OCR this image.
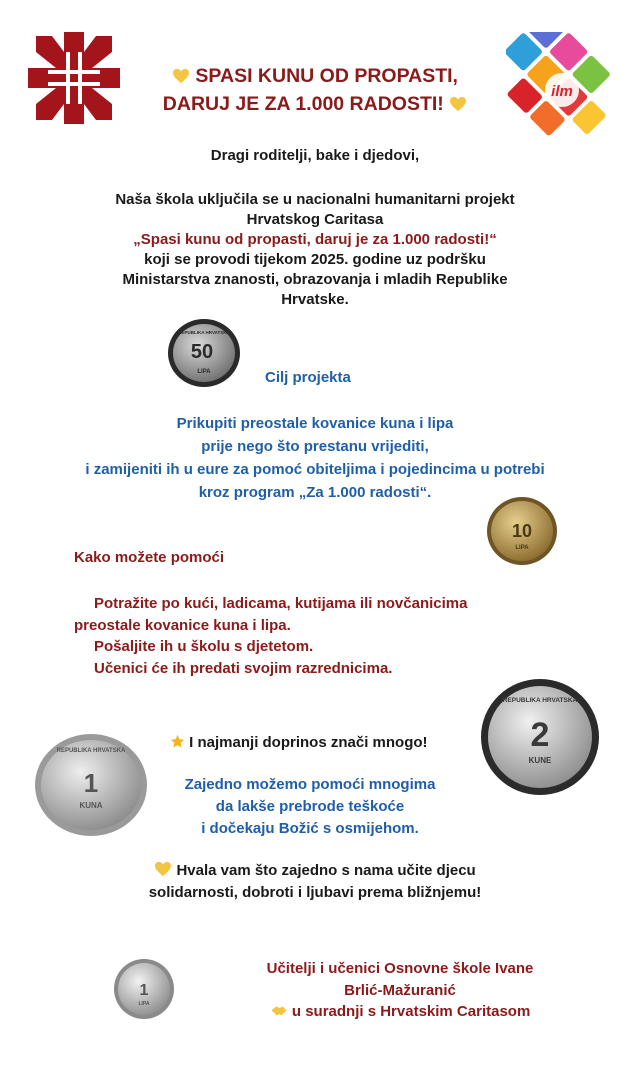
ilm
SPASI KUNU OD PROPASTI,
DARUJ JE ZA 1.000 RADOSTI!
Dragi roditelji, bake i djedovi,
Naša škola uključila se u nacionalni humanitarni projekt
Hrvatskog Caritasa
„Spasi kunu od propasti, daruj je za 1.000 radosti!“
koji se provodi tijekom 2025. godine uz podršku
Ministarstva znanosti, obrazovanja i mladih Republike
Hrvatske.
50
LIPA
REPUBLIKA HRVATSKA
Cilj projekta
Prikupiti preostale kovanice kuna i lipa
prije nego što prestanu vrijediti,
i zamijeniti ih u eure za pomoć obiteljima i pojedincima u potrebi
kroz program „Za 1.000 radosti“.
10
LIPA
Kako možete pomoći
Potražite po kući, ladicama, kutijama ili novčanicima
preostale kovanice kuna i lipa.
Pošaljite ih u školu s djetetom.
Učenici će ih predati svojim razrednicima.
2
KUNE
REPUBLIKA HRVATSKA
1
KUNA
REPUBLIKA HRVATSKA	I najmanji doprinos znači mnogo!
Zajedno možemo pomoći mnogima
da lakše prebrode teškoće
i dočekaju Božić s osmijehom.
Hvala vam što zajedno s nama učite djecu
solidarnosti, dobroti i ljubavi prema bližnjemu!
1
LIPA
Učitelji i učenici Osnovne škole Ivane
Brlić-Mažuranić
u suradnji s Hrvatskim Caritasom
